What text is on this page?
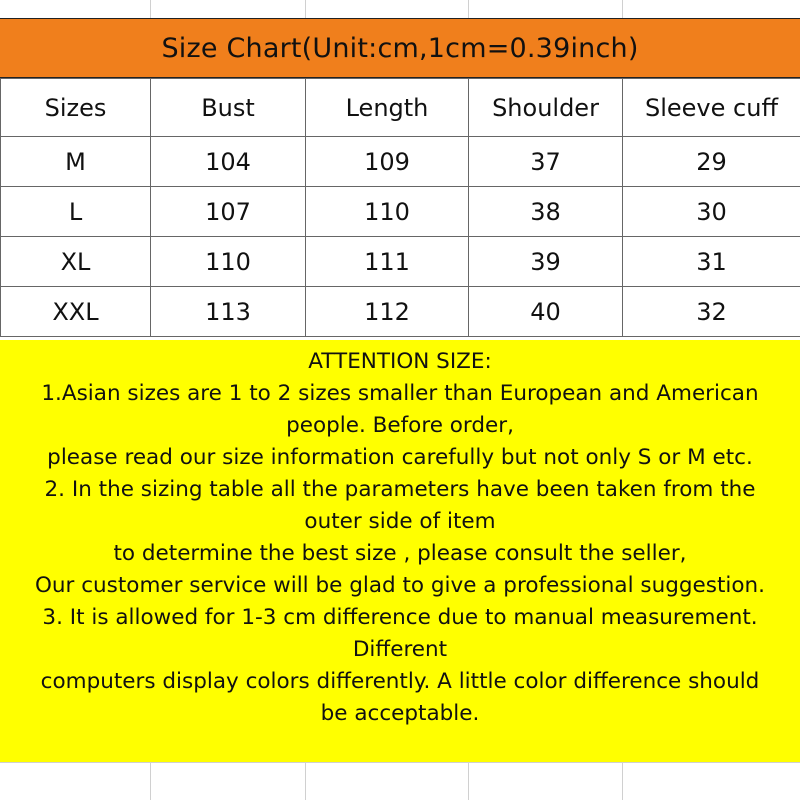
Size Chart(Unit:cm,1cm=0.39inch)
Sizes	Bust	Length	Shoulder	Sleeve cuff
M	104	109	37	29
L	107	110	38	30
XL	110	111	39	31
XXL	113	112	40	32
ATTENTION SIZE:
1.Asian sizes are 1 to 2 sizes smaller than European and American
people. Before order,
please read our size information carefully but not only S or M etc.
2. In the sizing table all the parameters have been taken from the
outer side of item
to determine the best size , please consult the seller,
Our customer service will be glad to give a professional suggestion.
3. It is allowed for 1-3 cm difference due to manual measurement.
Different
computers display colors differently. A little color difference should
be acceptable.
